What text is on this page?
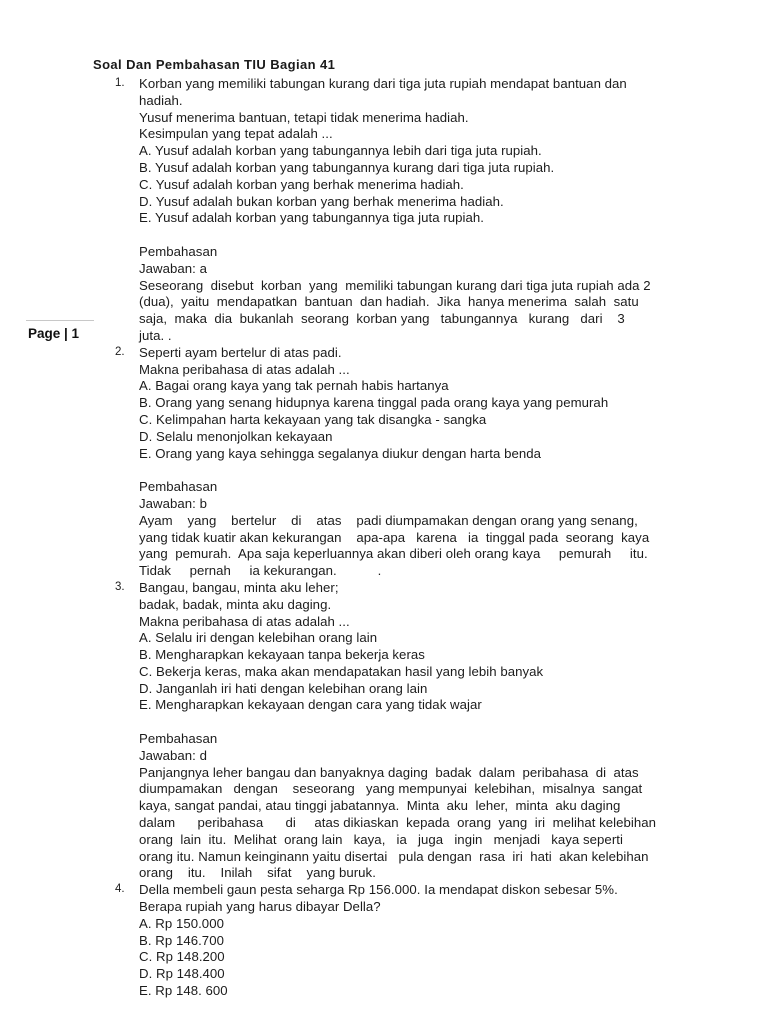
Page | 1
Soal Dan Pembahasan TIU Bagian 41
1. Korban yang memiliki tabungan kurang dari tiga juta rupiah mendapat bantuan dan
hadiah.
Yusuf menerima bantuan, tetapi tidak menerima hadiah.
Kesimpulan yang tepat adalah ...
A. Yusuf adalah korban yang tabungannya lebih dari tiga juta rupiah.
B. Yusuf adalah korban yang tabungannya kurang dari tiga juta rupiah.
C. Yusuf adalah korban yang berhak menerima hadiah.
D. Yusuf adalah bukan korban yang berhak menerima hadiah.
E. Yusuf adalah korban yang tabungannya tiga juta rupiah.
Pembahasan
Jawaban: a
Seseorang  disebut  korban  yang  memiliki tabungan kurang dari tiga juta rupiah ada 2
(dua),  yaitu  mendapatkan  bantuan  dan hadiah.  Jika  hanya menerima  salah  satu
saja,  maka  dia  bukanlah  seorang  korban yang   tabungannya   kurang   dari    3
juta. .
2. Seperti ayam bertelur di atas padi.
Makna peribahasa di atas adalah ...
A. Bagai orang kaya yang tak pernah habis hartanya
B. Orang yang senang hidupnya karena tinggal pada orang kaya yang pemurah
C. Kelimpahan harta kekayaan yang tak disangka - sangka
D. Selalu menonjolkan kekayaan
E. Orang yang kaya sehingga segalanya diukur dengan harta benda
Pembahasan
Jawaban: b
Ayam    yang    bertelur    di    atas    padi diumpamakan dengan orang yang senang,
yang tidak kuatir akan kekurangan    apa-apa   karena   ia  tinggal pada  seorang  kaya
yang  pemurah.  Apa saja keperluannya akan diberi oleh orang kaya     pemurah     itu.
Tidak     pernah     ia kekurangan.           .
3. Bangau, bangau, minta aku leher;
badak, badak, minta aku daging.
Makna peribahasa di atas adalah ...
A. Selalu iri dengan kelebihan orang lain
B. Mengharapkan kekayaan tanpa bekerja keras
C. Bekerja keras, maka akan mendapatakan hasil yang lebih banyak
D. Janganlah iri hati dengan kelebihan orang lain
E. Mengharapkan kekayaan dengan cara yang tidak wajar
Pembahasan
Jawaban: d
Panjangnya leher bangau dan banyaknya daging  badak  dalam  peribahasa  di  atas
diumpamakan   dengan    seseorang   yang mempunyai  kelebihan,  misalnya  sangat
kaya, sangat pandai, atau tinggi jabatannya.  Minta  aku  leher,  minta  aku daging
dalam      peribahasa      di     atas dikiaskan  kepada  orang  yang  iri  melihat kelebihan
orang  lain  itu.  Melihat  orang lain   kaya,   ia   juga   ingin   menjadi   kaya seperti
orang itu. Namun keinginann yaitu disertai   pula dengan  rasa  iri  hati  akan kelebihan
orang    itu.    Inilah    sifat    yang buruk.
4. Della membeli gaun pesta seharga Rp 156.000. Ia mendapat diskon sebesar 5%.
Berapa rupiah yang harus dibayar Della?
A. Rp 150.000
B. Rp 146.700
C. Rp 148.200
D. Rp 148.400
E. Rp 148. 600
